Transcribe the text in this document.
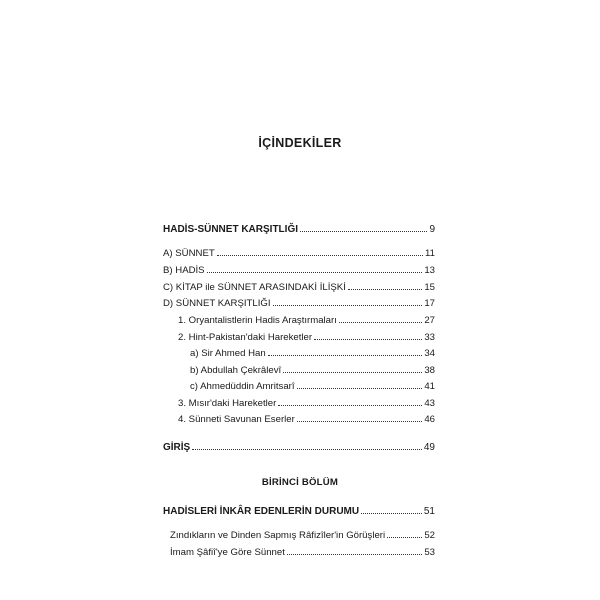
İÇİNDEKİLER
HADİS-SÜNNET KARŞITLIĞI	9
A) SÜNNET	11
B) HADİS	13
C) KİTAP ile SÜNNET ARASINDAKİ İLİŞKİ	15
D) SÜNNET KARŞITLIĞI	17
1. Oryantalistlerin Hadis Araştırmaları	27
2. Hint-Pakistan'daki Hareketler	33
a) Sir Ahmed Han	34
b) Abdullah Çekrâlevî	38
c) Ahmedüddin Amritsarî	41
3. Mısır'daki Hareketler	43
4. Sünneti Savunan Eserler	46
GİRİŞ	49
BİRİNCİ BÖLÜM
HADİSLERİ İNKÂR EDENLERİN DURUMU	51
Zındıkların ve Dinden Sapmış Râfizîler'in Görüşleri	52
İmam Şâfiî'ye Göre Sünnet	53
